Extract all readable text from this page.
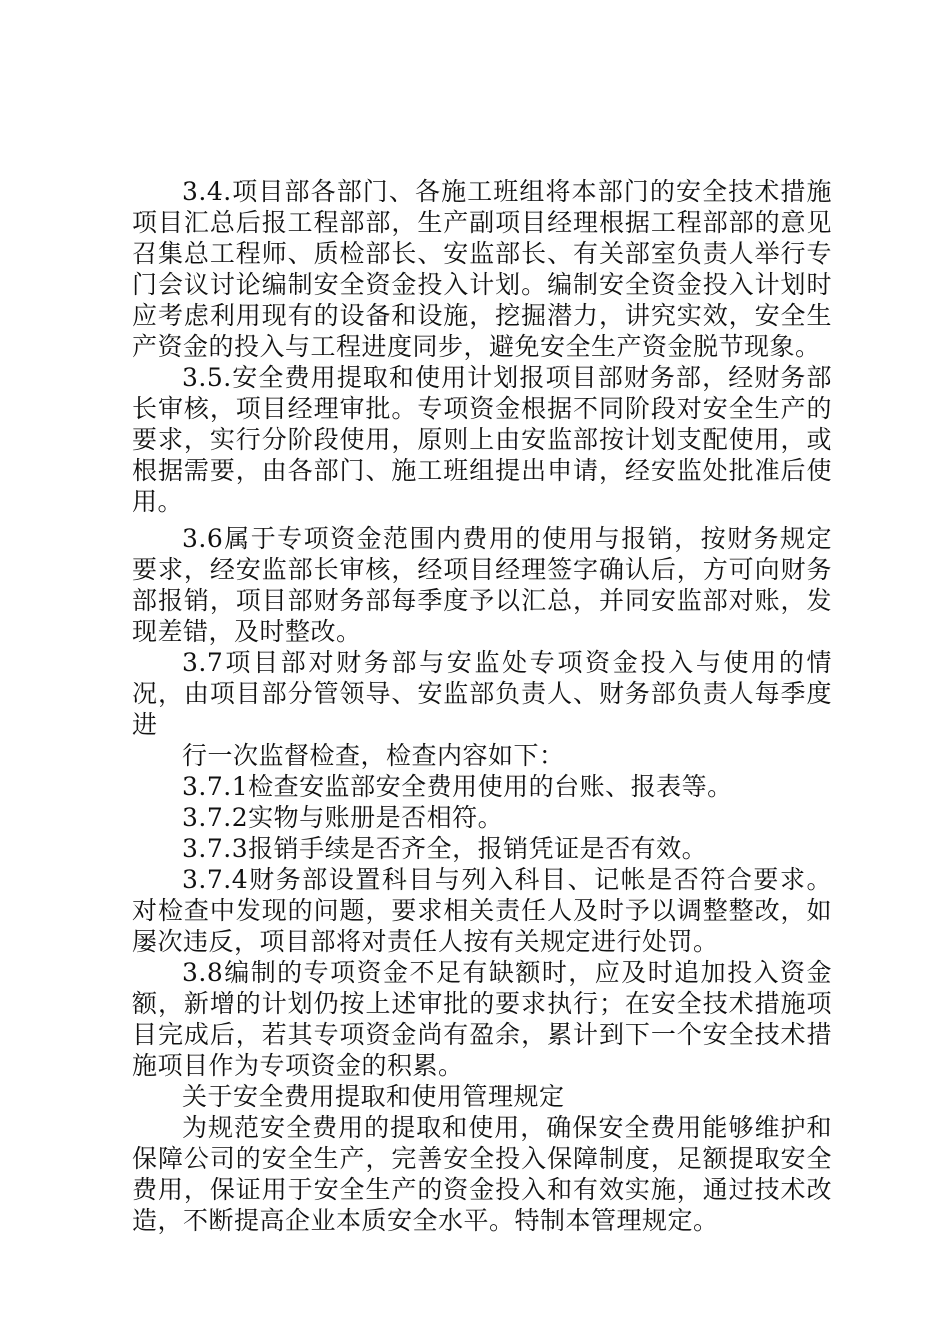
3.4.项目部各部门、各施工班组将本部门的安全技术措施项目汇总后报工程部部，生产副项目经理根据工程部部的意见召集总工程师、质检部长、安监部长、有关部室负责人举行专门会议讨论编制安全资金投入计划。编制安全资金投入计划时应考虑利用现有的设备和设施，挖掘潜力，讲究实效，安全生产资金的投入与工程进度同步，避免安全生产资金脱节现象。

3.5.安全费用提取和使用计划报项目部财务部，经财务部长审核，项目经理审批。专项资金根据不同阶段对安全生产的要求，实行分阶段使用，原则上由安监部按计划支配使用，或根据需要，由各部门、施工班组提出申请，经安监处批准后使用。

3.6属于专项资金范围内费用的使用与报销，按财务规定要求，经安监部长审核，经项目经理签字确认后，方可向财务部报销，项目部财务部每季度予以汇总，并同安监部对账，发现差错，及时整改。

3.7项目部对财务部与安监处专项资金投入与使用的情况，由项目部分管领导、安监部负责人、财务部负责人每季度进

行一次监督检查，检查内容如下：

3.7.1检查安监部安全费用使用的台账、报表等。

3.7.2实物与账册是否相符。

3.7.3报销手续是否齐全，报销凭证是否有效。

3.7.4财务部设置科目与列入科目、记帐是否符合要求。对检查中发现的问题，要求相关责任人及时予以调整整改，如屡次违反，项目部将对责任人按有关规定进行处罚。

3.8编制的专项资金不足有缺额时，应及时追加投入资金额，新增的计划仍按上述审批的要求执行；在安全技术措施项目完成后，若其专项资金尚有盈余，累计到下一个安全技术措施项目作为专项资金的积累。

关于安全费用提取和使用管理规定

为规范安全费用的提取和使用，确保安全费用能够维护和保障公司的安全生产，完善安全投入保障制度，足额提取安全费用，保证用于安全生产的资金投入和有效实施，通过技术改造，不断提高企业本质安全水平。特制本管理规定。
